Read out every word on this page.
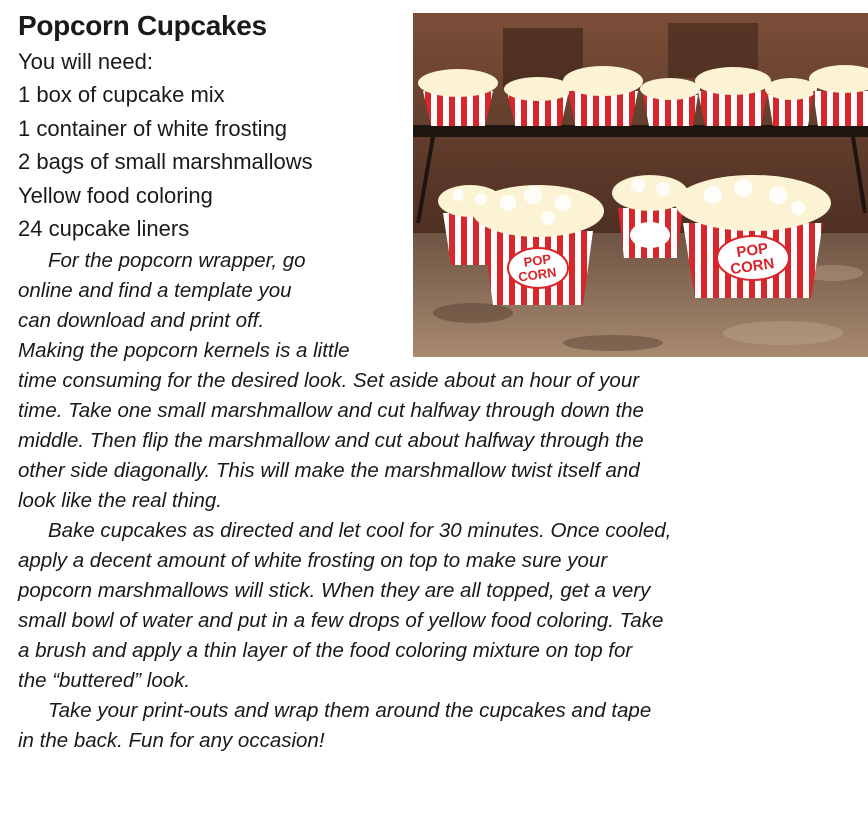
Popcorn Cupcakes
You will need:
1 box of cupcake mix
1 container of white frosting
2 bags of small marshmallows
Yellow food coloring
24 cupcake liners
POP
CORN
POP
CORN

For the popcorn wrapper, go

online and find a template you

can download and print off.

Making the popcorn kernels is a little

time consuming for the desired look. Set aside about an hour of your

time. Take one small marshmallow and cut halfway through down the

middle. Then flip the marshmallow and cut about halfway through the

other side diagonally. This will make the marshmallow twist itself and

look like the real thing.

Bake cupcakes as directed and let cool for 30 minutes. Once cooled,

apply a decent amount of white frosting on top to make sure your

popcorn marshmallows will stick. When they are all topped, get a very

small bowl of water and put in a few drops of yellow food coloring. Take

a brush and apply a thin layer of the food coloring mixture on top for

the “buttered” look.

Take your print-outs and wrap them around the cupcakes and tape

in the back. Fun for any occasion!
